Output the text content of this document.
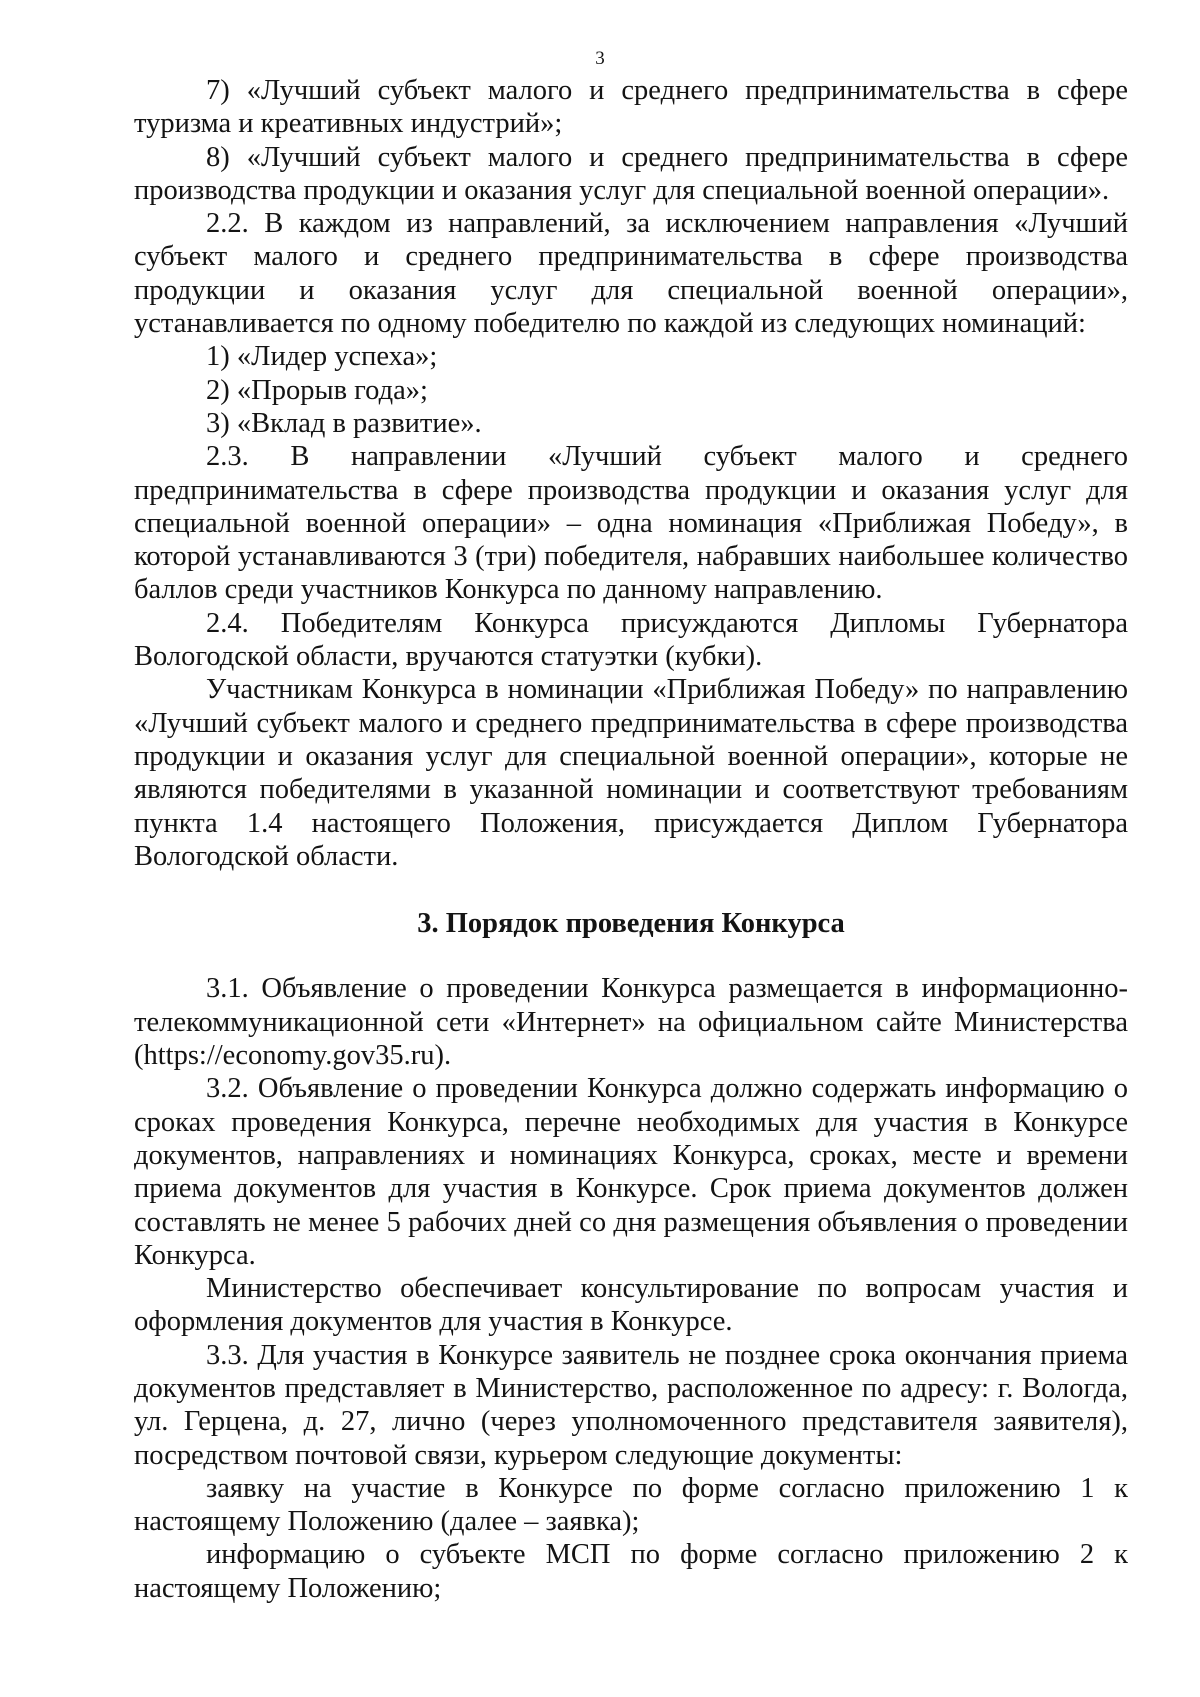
3

7) «Лучший субъект малого и среднего предпринимательства в сфере туризма и креативных индустрий»;

8) «Лучший субъект малого и среднего предпринимательства в сфере производства продукции и оказания услуг для специальной военной операции».

2.2. В каждом из направлений, за исключением направления «Лучший субъект малого и среднего предпринимательства в сфере производства продукции и оказания услуг для специальной военной операции», устанавливается по одному победителю по каждой из следующих номинаций:

1) «Лидер успеха»;

2) «Прорыв года»;

3) «Вклад в развитие».

2.3. В направлении «Лучший субъект малого и среднего предпринимательства в сфере производства продукции и оказания услуг для специальной военной операции» – одна номинация «Приближая Победу», в которой устанавливаются 3 (три) победителя, набравших наибольшее количество баллов среди участников Конкурса по данному направлению.

2.4. Победителям Конкурса присуждаются Дипломы Губернатора Вологодской области, вручаются статуэтки (кубки).

Участникам Конкурса в номинации «Приближая Победу» по направлению «Лучший субъект малого и среднего предпринимательства в сфере производства продукции и оказания услуг для специальной военной операции», которые не являются победителями в указанной номинации и соответствуют требованиям пункта 1.4 настоящего Положения, присуждается Диплом Губернатора Вологодской области.

3. Порядок проведения Конкурса

3.1. Объявление о проведении Конкурса размещается в информационно-телекоммуникационной сети «Интернет» на официальном сайте Министерства (https://economy.gov35.ru).

3.2. Объявление о проведении Конкурса должно содержать информацию о сроках проведения Конкурса, перечне необходимых для участия в Конкурсе документов, направлениях и номинациях Конкурса, сроках, месте и времени приема документов для участия в Конкурсе. Срок приема документов должен составлять не менее 5 рабочих дней со дня размещения объявления о проведении Конкурса.

Министерство обеспечивает консультирование по вопросам участия и оформления документов для участия в Конкурсе.

3.3. Для участия в Конкурсе заявитель не позднее срока окончания приема документов представляет в Министерство, расположенное по адресу: г. Вологда, ул. Герцена, д. 27, лично (через уполномоченного представителя заявителя), посредством почтовой связи, курьером следующие документы:

заявку на участие в Конкурсе по форме согласно приложению 1 к настоящему Положению (далее – заявка);

информацию о субъекте МСП по форме согласно приложению 2 к настоящему Положению;
